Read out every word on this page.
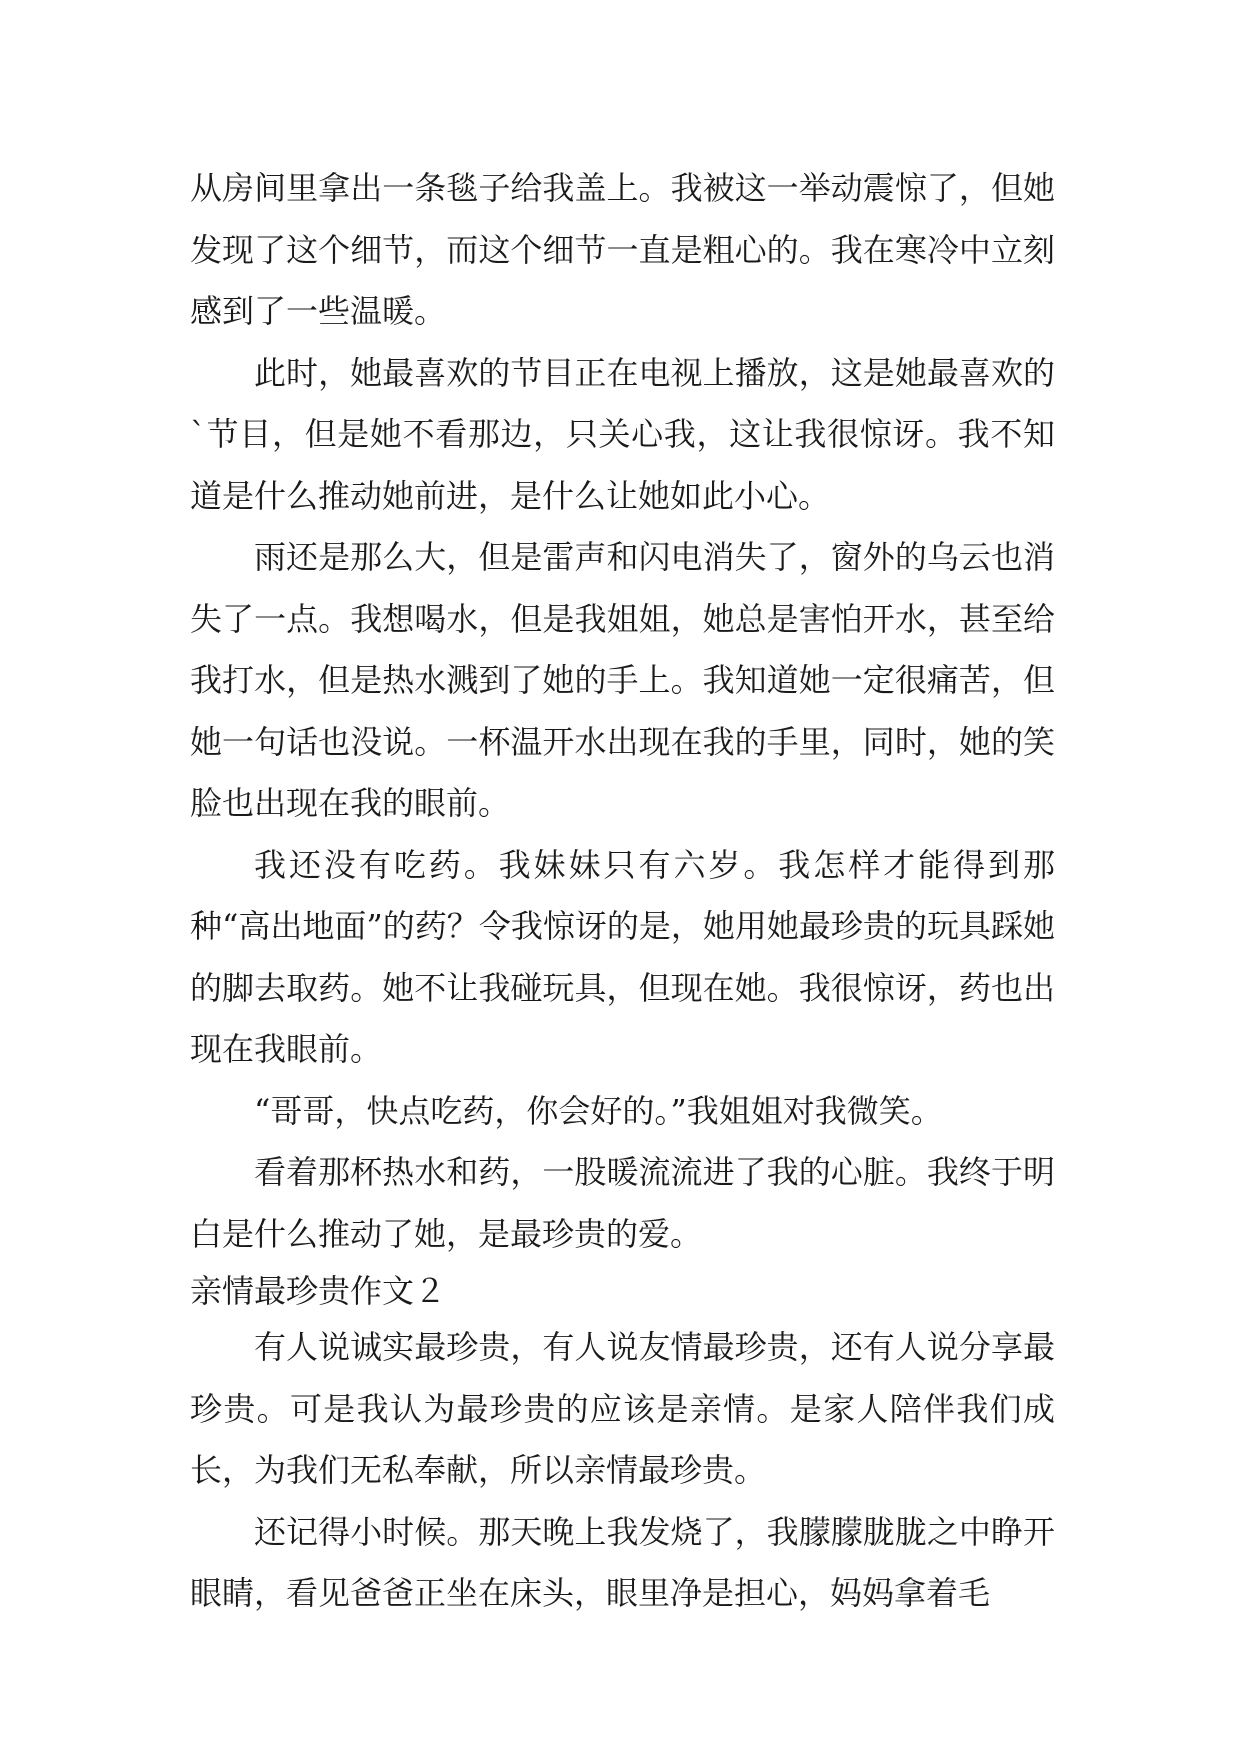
从房间里拿出一条毯子给我盖上。我被这一举动震惊了，但她发现了这个细节，而这个细节一直是粗心的。我在寒冷中立刻感到了一些温暖。

此时，她最喜欢的节目正在电视上播放，这是她最喜欢的`节目，但是她不看那边，只关心我，这让我很惊讶。我不知道是什么推动她前进，是什么让她如此小心。

雨还是那么大，但是雷声和闪电消失了，窗外的乌云也消失了一点。我想喝水，但是我姐姐，她总是害怕开水，甚至给我打水，但是热水溅到了她的手上。我知道她一定很痛苦，但她一句话也没说。一杯温开水出现在我的手里，同时，她的笑脸也出现在我的眼前。

我还没有吃药。我妹妹只有六岁。我怎样才能得到那种“高出地面”的药？令我惊讶的是，她用她最珍贵的玩具踩她的脚去取药。她不让我碰玩具，但现在她。我很惊讶，药也出现在我眼前。

“哥哥，快点吃药，你会好的。”我姐姐对我微笑。

看着那杯热水和药，一股暖流流进了我的心脏。我终于明白是什么推动了她，是最珍贵的爱。

亲情最珍贵作文２

有人说诚实最珍贵，有人说友情最珍贵，还有人说分享最珍贵。可是我认为最珍贵的应该是亲情。是家人陪伴我们成长，为我们无私奉献，所以亲情最珍贵。

还记得小时候。那天晚上我发烧了，我朦朦胧胧之中睁开眼睛，看见爸爸正坐在床头，眼里净是担心，妈妈拿着毛
